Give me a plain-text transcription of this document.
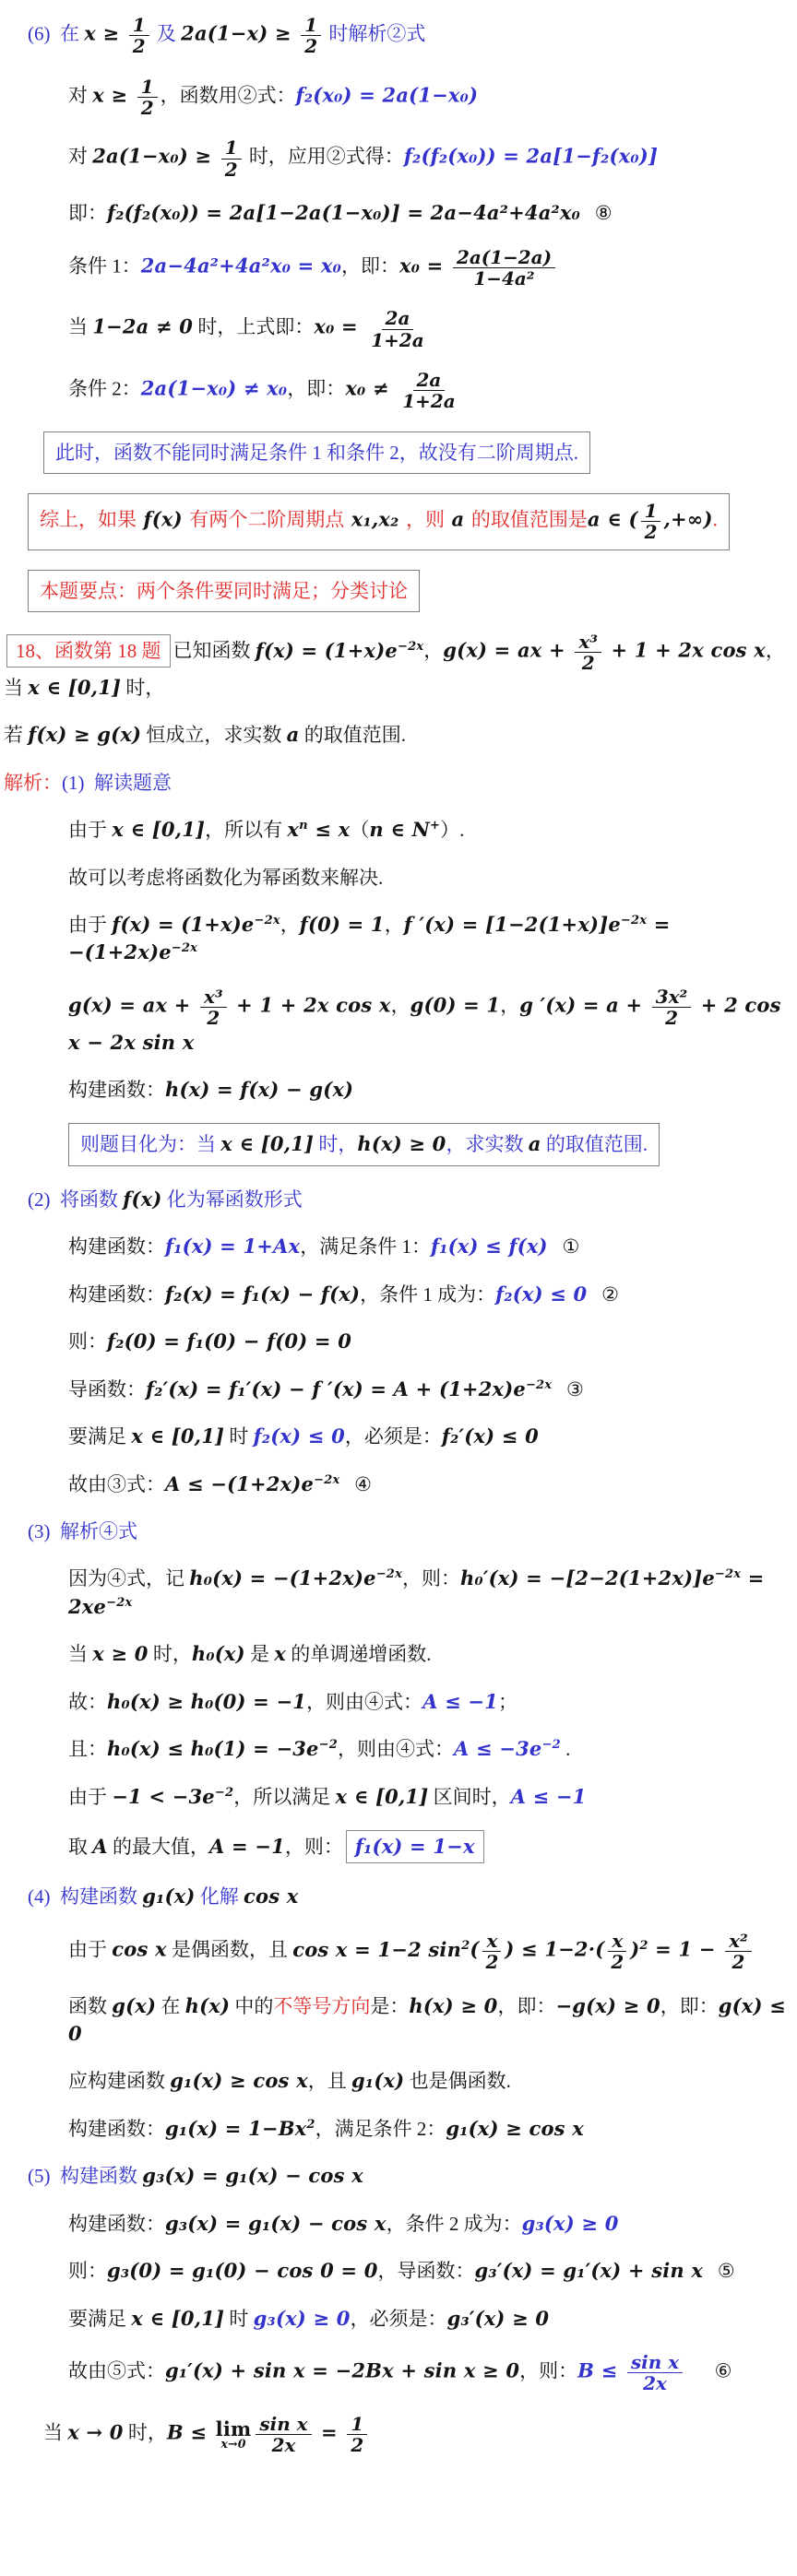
(6)  在 $x \ge \frac{1}{2}$ 及 $2a(1-x) \ge \frac{1}{2}$ 时解析②式
对 $x \ge \frac{1}{2}$ ，函数用②式：f₂(x₀) = 2a(1−x₀)
对 $2a(1-x_0) \ge \frac{1}{2}$ 时，应用②式得：f₂(f₂(x₀)) = 2a[1−f₂(x₀)]
即：f₂(f₂(x₀)) = 2a[1−2a(1−x₀)] = 2a−4a²+4a²x₀   ⑧
条件 1：2a−4a²+4a²x₀ = x₀，即：$x_0 = \frac{2a(1-2a)}{\text{1−4a²}}$
当 1−2a ≠ 0 时，上式即：$x_0 = \frac{2a}{1+2a}$
条件 2：2a(1−x₀) ≠ x₀，即：$x_0 \ne \frac{2a}{1+2a}$
此时，函数不能同时满足条件 1 和条件 2，故没有二阶周期点.
综上，如果 f(x) 有两个二阶周期点 x₁,x₂ ，则 a 的取值范围是a ∈ ( $\frac{1}{2}$ ,+∞).
本题要点：两个条件要同时满足；分类讨论
18、函数第 18 题 已知函数 $f(x) = (1+x)e^{-2x}$，g(x) = ax + $\frac{\text{x³}}{2} + 1 + 2x$ cos x，当 x ∈ [0,1] 时，
若 f(x) ≥ g(x) 恒成立，求实数 a 的取值范围.
解析：(1)  解读题意
由于 x ∈ [0,1]，所以有 $x^n \le x(n$ ∈ N+）.
故可以考虑将函数化为幂函数来解决.
由于 $f(x) = (1+x)e^{-2x}$，f(0) = 1，f $'(x) = [1-2(1+x)]e^{-2x} = -(1+2x)e^{-2x}$
g(x) = ax + $\frac{\text{x³}}{2} + 1 + 2x$ cos x，g(0) = 1，g $'(x) = a + \frac{\text{3x²}}{2} + 2$ cos x − 2x sin x
构建函数：h(x) = f(x) − g(x)
则题目化为：当 x ∈ [0,1] 时，h(x) ≥ 0，求实数 a 的取值范围.
(2)  将函数 f(x) 化为幂函数形式
构建函数：f₁(x) = 1+Ax，满足条件 1：f₁(x) ≤ f(x)   ①
构建函数：f₂(x) = f₁(x) − f(x)，条件 1 成为：f₂(x) ≤ 0   ②
则：f₂(0) = f₁(0) − f(0) = 0
导函数：f₂′(x) = f₁′(x) − f $'(x) = A + (1+2x)e^{-2x}$   ③
要满足 x ∈ [0,1] 时 f₂(x) ≤ 0，必须是：f₂′(x) ≤ 0
故由③式：$A \le -(1+2x)e^{-2x}$   ④
(3)  解析④式
因为④式，记 $h_0(x) = -(1+2x)e^{-2x}$，则：$h_0'(x) = -[2-2(1+2x)]e^{-2x} = 2xe^{-2x}$
当 x ≥ 0 时，h₀(x) 是 x 的单调递增函数.
故：h₀(x) ≥ h₀(0) = −1，则由④式：A ≤ −1；
且：$h_0(x) \le h_0(1) = -3e^{-2}$，则由④式：$A \le -3e^{-2}$ .
由于 $-1 < -3e^{-2}$，所以满足 x ∈ [0,1] 区间时，A ≤ −1
取 A 的最大值，A = −1，则： f₁(x) = 1−x
(4)  构建函数 g₁(x) 化解 cos x
由于 cos x 是偶函数，且 cos x = 1−2 $\sin^2( \frac{x}{2}$ ) ≤ $1-2\cdot( \frac{x}{2} )^2 = 1 - \frac{\text{x²}}{2}$
函数 g(x) 在 h(x) 中的不等号方向是：h(x) ≥ 0，即：−g(x) ≥ 0，即：g(x) ≤ 0
应构建函数 g₁(x) ≥ cos x，且 g₁(x) 也是偶函数.
构建函数：$g_1(x) = 1-Bx^2$，满足条件 2：g₁(x) ≥ cos x
(5)  构建函数 g₃(x) = g₁(x) − cos x
构建函数：g₃(x) = g₁(x) − cos x，条件 2 成为：g₃(x) ≥ 0
则：g₃(0) = g₁(0) − cos 0 = 0，导函数：g₃′(x) = g₁′(x) + sin x   ⑤
要满足 x ∈ [0,1] 时 g₃(x) ≥ 0，必须是：g₃′(x) ≥ 0
故由⑤式：g₁′(x) + sin x = −2Bx + sin x ≥ 0，则：$B \le \frac{\text{sin x}}{2x}$ ⑥
当 x → 0 时，B ≤ lim
$x\to 0 \frac{\text{sin x}}{2x} = \frac{1}{2}$
